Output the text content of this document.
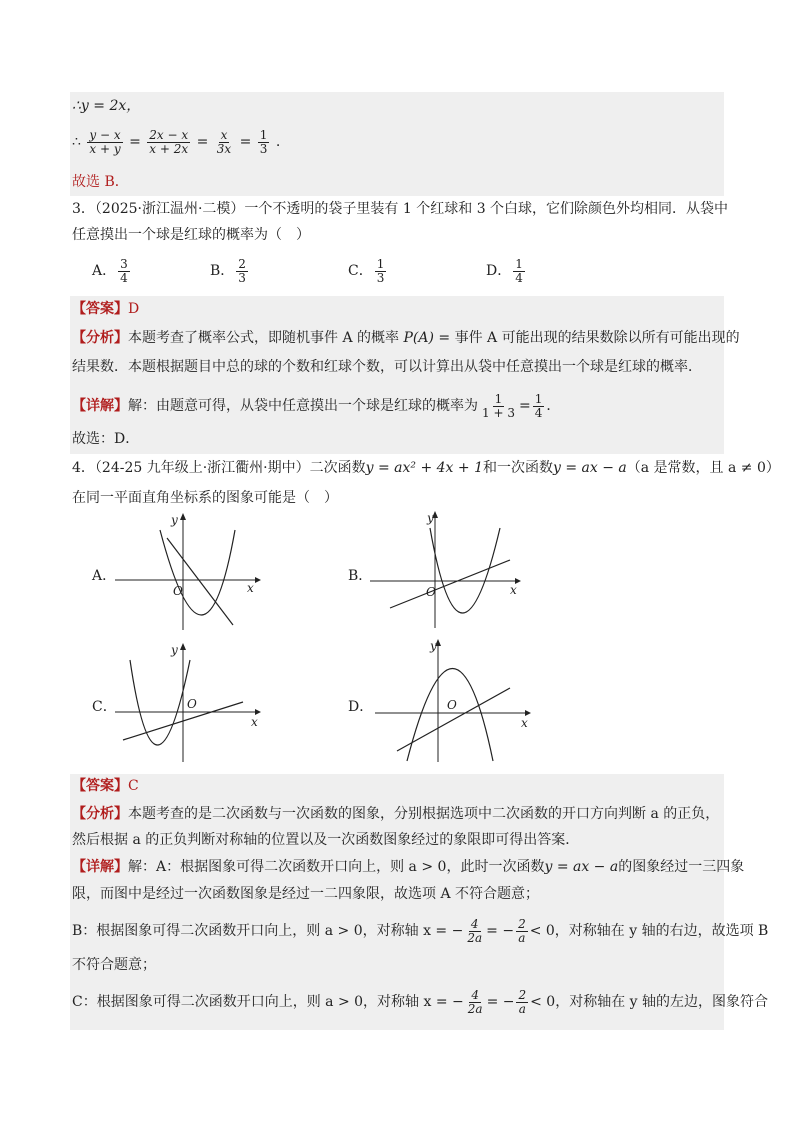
∴y = 2x，
∴ $\frac{y - x}{x + y} = \frac{2x - x}{x + 2x} = \frac{x}{3x} = \frac{1}{3}$ .
故选 B．
3．（2025·浙江温州·二模）一个不透明的袋子里装有 1 个红球和 3 个白球，它们除颜色外均相同．从袋中
任意摸出一个球是红球的概率为（　）
A． $\frac{3}{4}$	B． $\frac{2}{3}$	C． $\frac{1}{3}$	D． $\frac{1}{4}$
【答案】D
【分析】本题考查了概率公式，即随机事件 A 的概率 P(A) = 事件 A 可能出现的结果数除以所有可能出现的
结果数．本题根据题目中总的球的个数和红球个数，可以计算出从袋中任意摸出一个球是红球的概率．
【详解】解：由题意可得，从袋中任意摸出一个球是红球的概率为 $\frac{1}{1 + 3} = \frac{1}{4}$ ．
故选：D．
4．（24-25 九年级上·浙江衢州·期中）二次函数y = ax² + 4x + 1和一次函数y = ax − a（a 是常数，且 a ≠ 0）
在同一平面直角坐标系的图象可能是（　）
A．
O	x
y
B．
O	x
y
C．	O
x
y
D．	O
x
y
【答案】C
【分析】本题考查的是二次函数与一次函数的图象，分别根据选项中二次函数的开口方向判断 a 的正负，
然后根据 a 的正负判断对称轴的位置以及一次函数图象经过的象限即可得出答案．
【详解】解：A：根据图象可得二次函数开口向上，则 a > 0，此时一次函数y = ax − a的图象经过一三四象
限，而图中是经过一次函数图象是经过一二四象限，故选项 A 不符合题意；
B：根据图象可得二次函数开口向上，则 a > 0，对称轴 x = − $\frac{4}{2a}$ = − $\frac{2}{a} < 0$，对称轴在 y 轴的右边，故选项 B
不符合题意；
C：根据图象可得二次函数开口向上，则 a > 0，对称轴 x = − $\frac{4}{2a}$ = − $\frac{2}{a} < 0$，对称轴在 y 轴的左边，图象符合
